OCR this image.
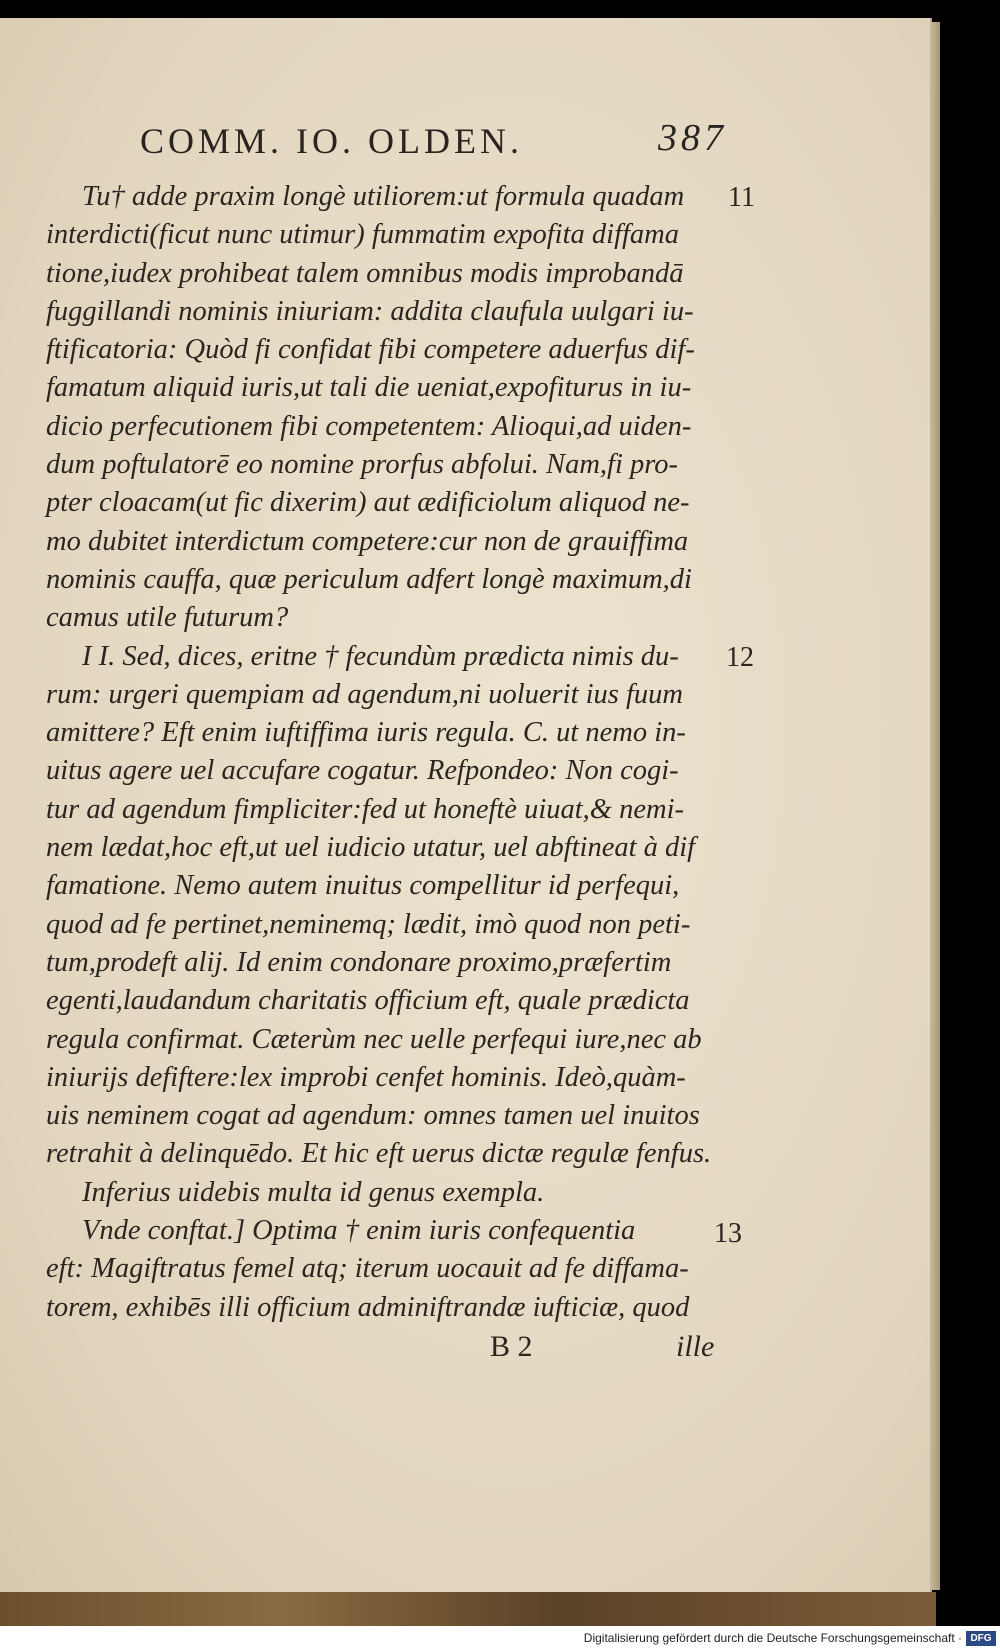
COMM. IO. OLDEN.	387
Tu† adde praxim longè utiliorem:ut formula quadam
interdicti(ficut nunc utimur) fummatim expofita diffama
tione,iudex prohibeat talem omnibus modis improbandā
fuggillandi nominis iniuriam: addita claufula uulgari iu-
ftificatoria: Quòd fi confidat fibi competere aduerfus dif-
famatum aliquid iuris,ut tali die ueniat,expofiturus in iu-
dicio perfecutionem fibi competentem: Alioqui,ad uiden-
dum poftulatorē eo nomine prorfus abfolui. Nam,fi pro-
pter cloacam(ut fic dixerim) aut ædificiolum aliquod ne-
mo dubitet interdictum competere:cur non de grauiffima
nominis cauffa, quæ periculum adfert longè maximum,di
camus utile futurum?
I I. Sed, dices, eritne † fecundùm prædicta nimis du-
rum: urgeri quempiam ad agendum,ni uoluerit ius fuum
amittere? Eft enim iuftiffima iuris regula. C. ut nemo in-
uitus agere uel accufare cogatur. Refpondeo: Non cogi-
tur ad agendum fimpliciter:fed ut honeftè uiuat,& nemi-
nem lædat,hoc eft,ut uel iudicio utatur, uel abftineat à dif
famatione. Nemo autem inuitus compellitur id perfequi,
quod ad fe pertinet,neminemq; lædit, imò quod non peti-
tum,prodeft alij. Id enim condonare proximo,præfertim
egenti,laudandum charitatis officium eft, quale prædicta
regula confirmat. Cæterùm nec uelle perfequi iure,nec ab
iniurijs defiftere:lex improbi cenfet hominis. Ideò,quàm-
uis neminem cogat ad agendum: omnes tamen uel inuitos
retrahit à delinquēdo. Et hic eft uerus dictæ regulæ fenfus.
Inferius uidebis multa id genus exempla.
Vnde conftat.] Optima † enim iuris confequentia
eft: Magiftratus femel atq; iterum uocauit ad fe diffama-
torem, exhibēs illi officium adminiftrandæ iufticiæ, quod
11
12
13
B 2	ille
Digitalisierung gefördert durch die Deutsche Forschungsgemeinschaft · DFG
